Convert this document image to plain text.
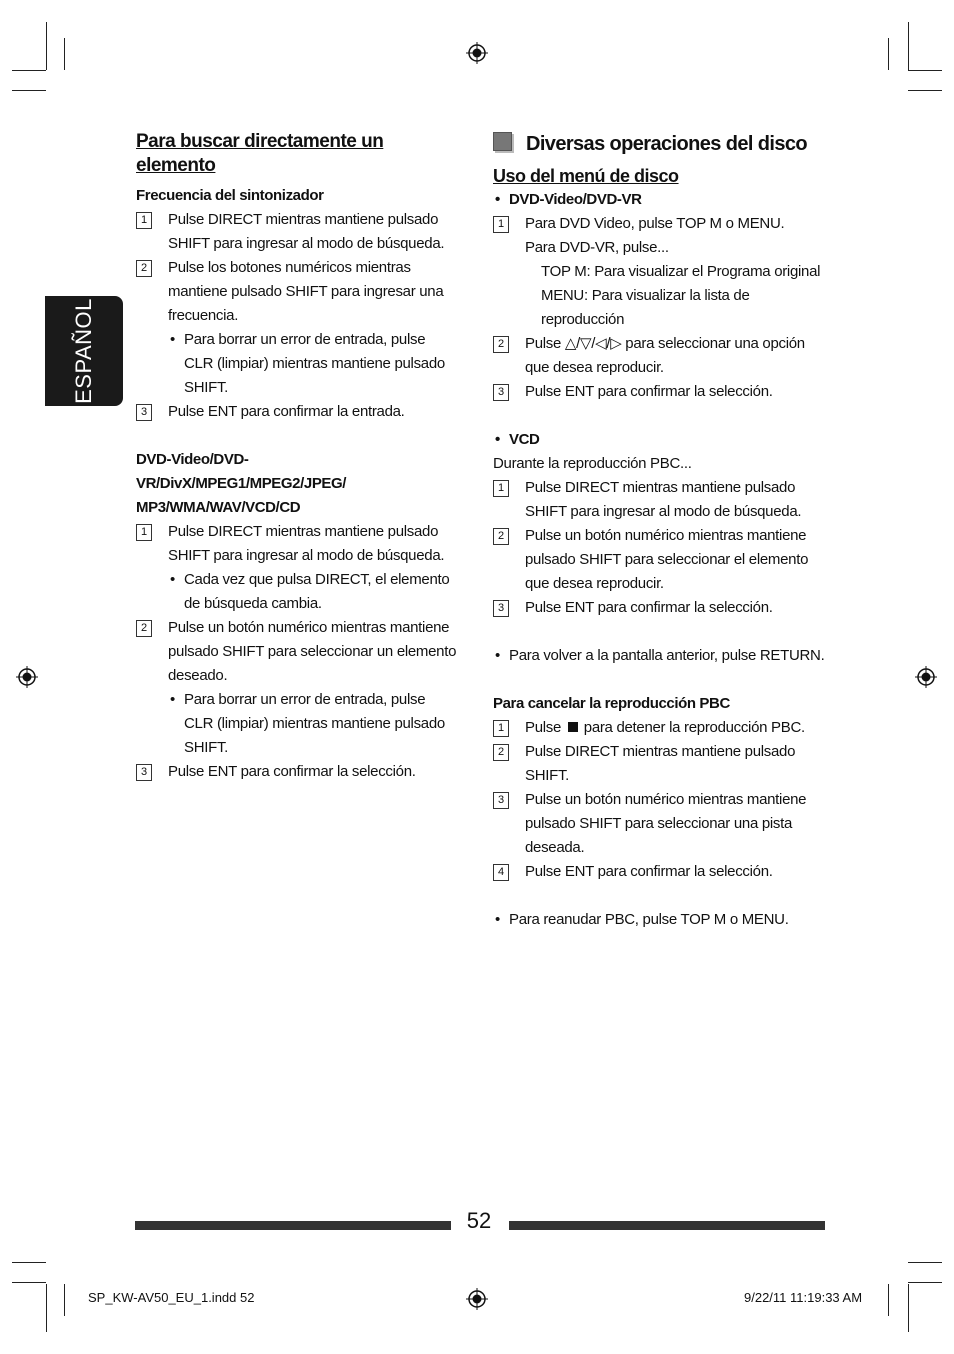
ESPAÑOL
Para buscar directamente un elemento
Frecuencia del sintonizador
1	Pulse DIRECT mientras mantiene pulsado SHIFT para ingresar al modo de búsqueda.
2	Pulse los botones numéricos mientras mantiene pulsado SHIFT para ingresar una frecuencia.
• Para borrar un error de entrada, pulse CLR (limpiar) mientras mantiene pulsado SHIFT.
3	Pulse ENT para confirmar la entrada.
DVD-Video/DVD-VR/DivX/MPEG1/MPEG2/JPEG/ MP3/WMA/WAV/VCD/CD
1	Pulse DIRECT mientras mantiene pulsado SHIFT para ingresar al modo de búsqueda.
• Cada vez que pulsa DIRECT, el elemento de búsqueda cambia.
2	Pulse un botón numérico mientras mantiene pulsado SHIFT para seleccionar un elemento deseado.
• Para borrar un error de entrada, pulse CLR (limpiar) mientras mantiene pulsado SHIFT.
3	Pulse ENT para confirmar la selección.
Diversas operaciones del disco
Uso del menú de disco
• DVD-Video/DVD-VR
1	Para DVD Video, pulse TOP M o MENU.
Para DVD-VR, pulse...
TOP M: Para visualizar el Programa original
MENU: Para visualizar la lista de reproducción
2	Pulse △/▽/◁/▷ para seleccionar una opción que desea reproducir.
3	Pulse ENT para confirmar la selección.
• VCD
Durante la reproducción PBC...
1	Pulse DIRECT mientras mantiene pulsado SHIFT para ingresar al modo de búsqueda.
2	Pulse un botón numérico mientras mantiene pulsado SHIFT para seleccionar el elemento que desea reproducir.
3	Pulse ENT para confirmar la selección.
• Para volver a la pantalla anterior, pulse RETURN.
Para cancelar la reproducción PBC
1	Pulse para detener la reproducción PBC.
2	Pulse DIRECT mientras mantiene pulsado SHIFT.
3	Pulse un botón numérico mientras mantiene pulsado SHIFT para seleccionar una pista deseada.
4	Pulse ENT para confirmar la selección.
• Para reanudar PBC, pulse TOP M o MENU.
52
SP_KW-AV50_EU_1.indd 52	9/22/11 11:19:33 AM
